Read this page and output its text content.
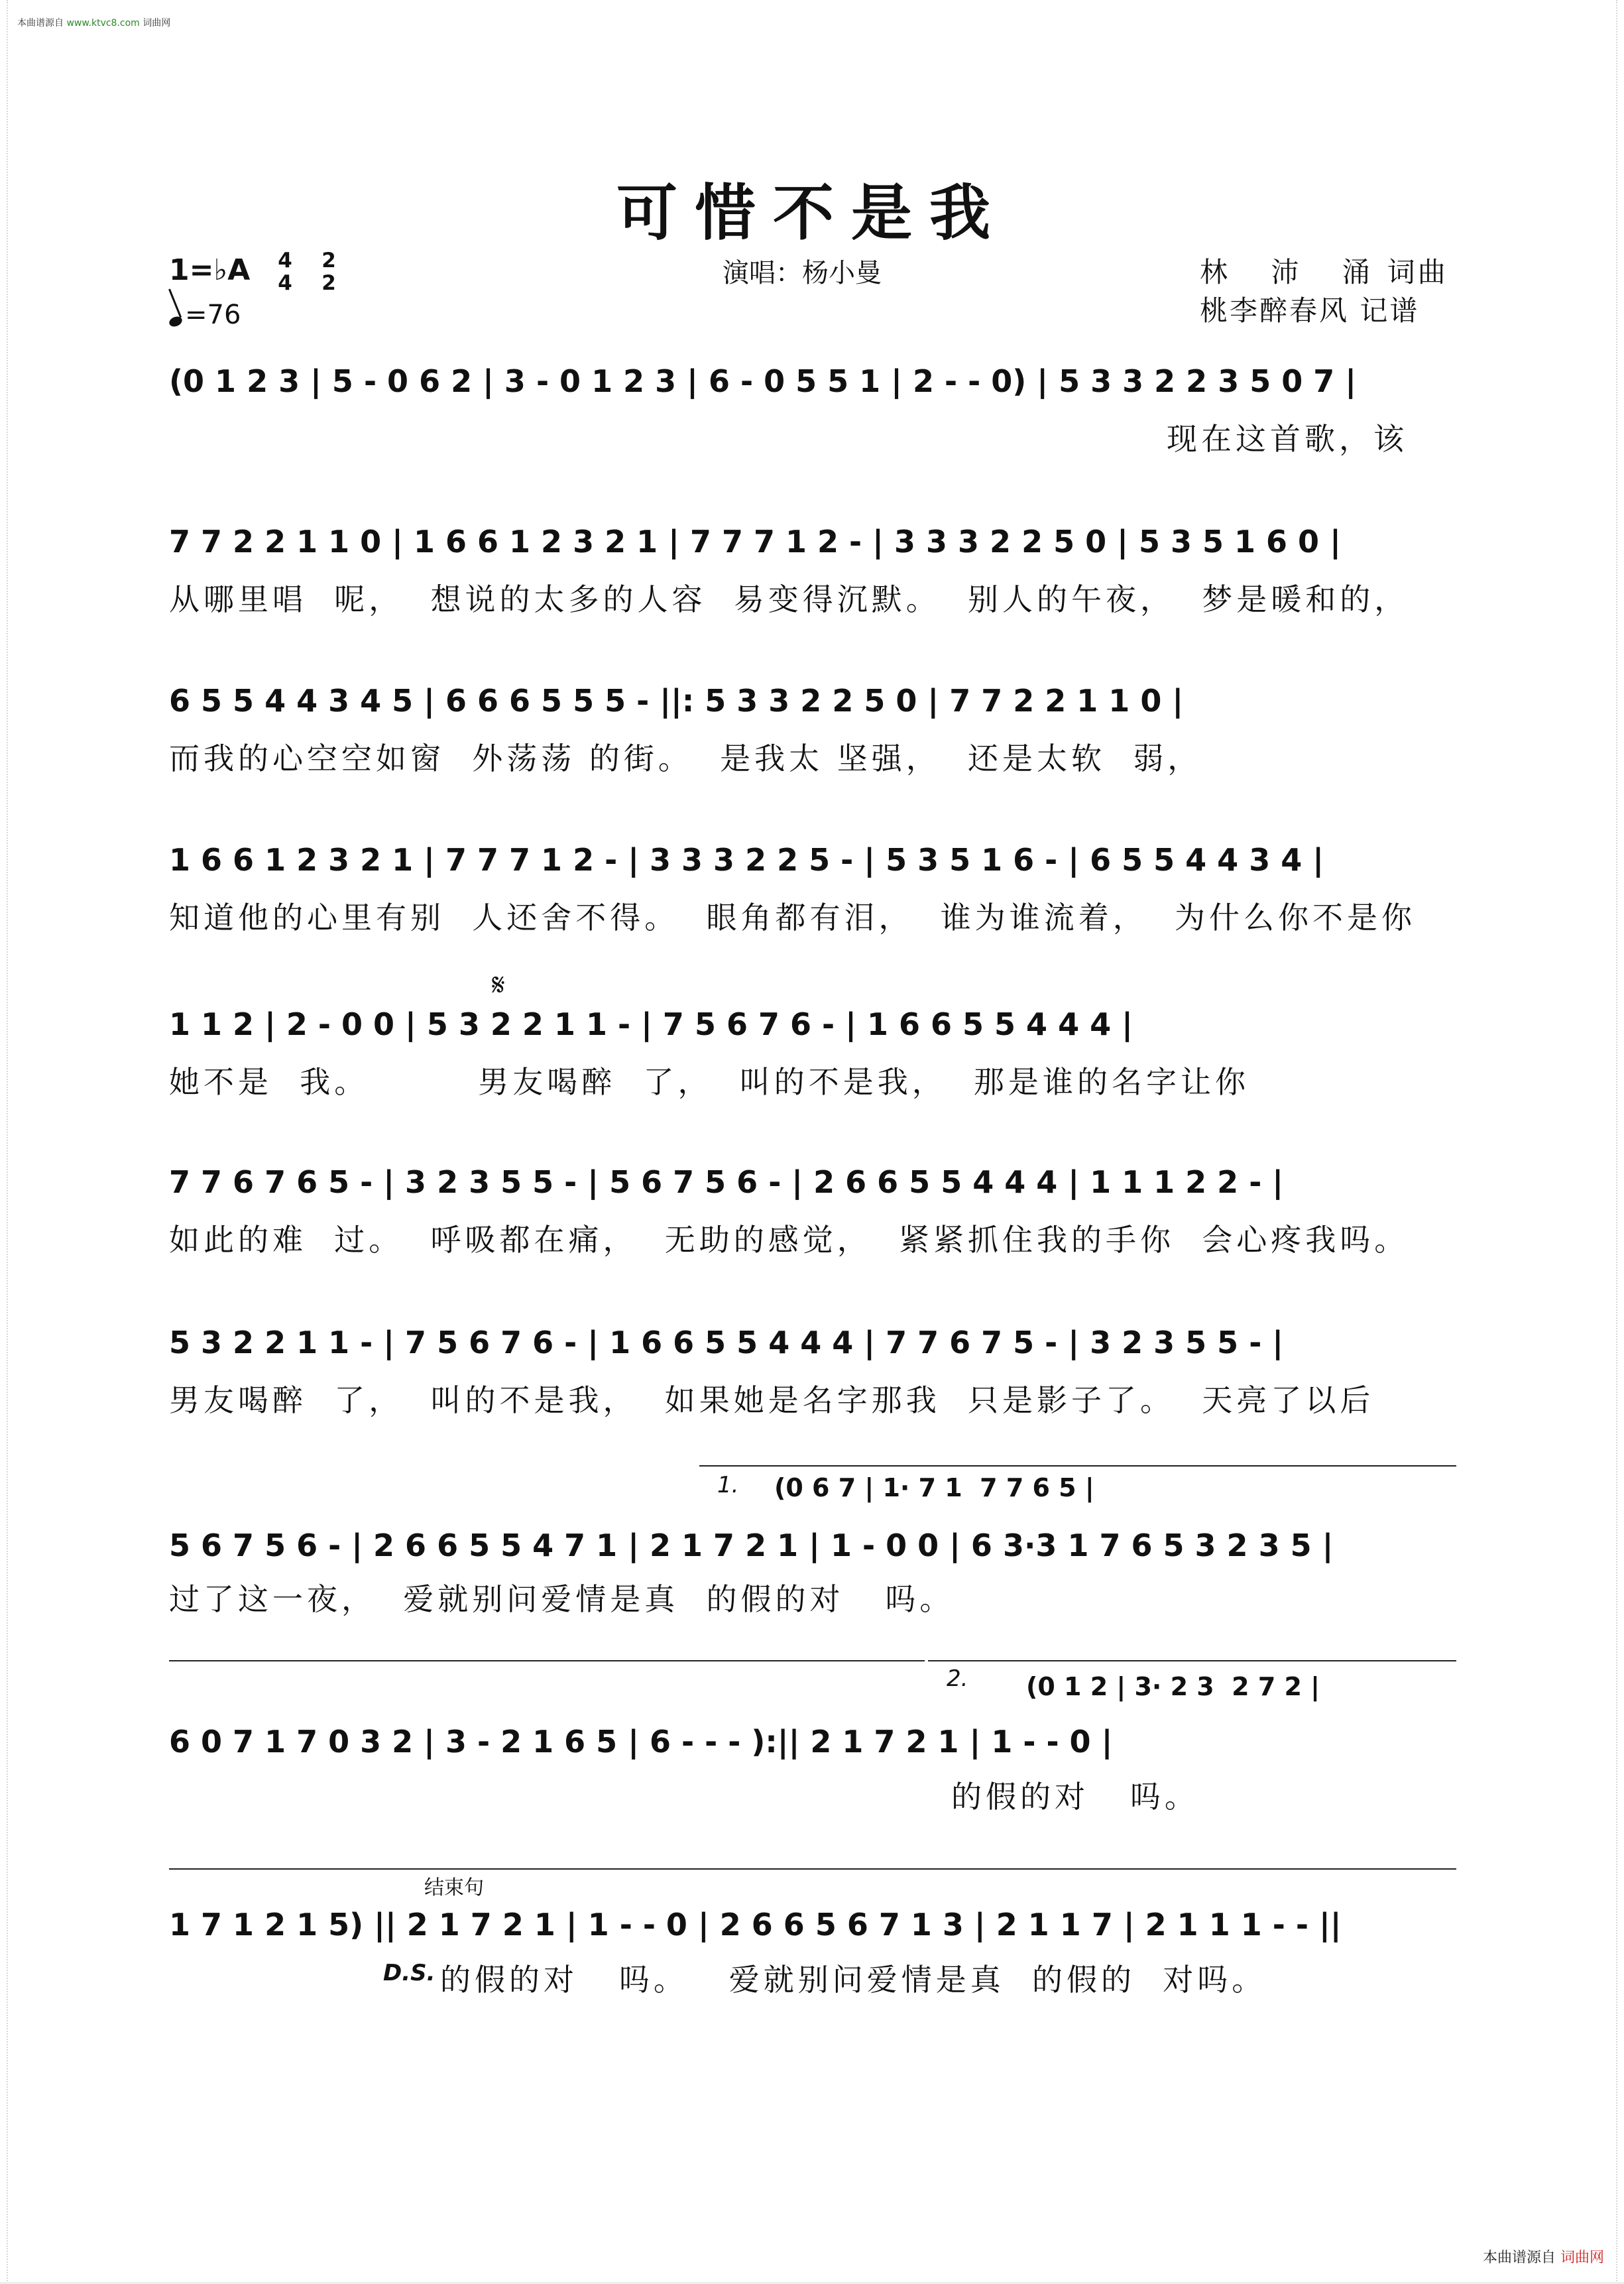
本曲谱源自 www.ktvc8.com 词曲网
可惜不是我
1=♭A 4
4
2
2
=76
演唱：杨小曼	林 沛 涌词曲
桃李醉春风 记谱
(0 1 2 3 | 5 - 0 6 2 | 3 - 0 1 2 3 | 6 - 0 5 5 1 | 2 - - 0) | 5 3 3 2 2 3 5 0 7 |
现在这首歌，该
7 7 2 2 1 1 0 | 1 6 6 1 2 3 2 1 | 7 7 7 1 2 - | 3 3 3 2 2 5 0 | 5 3 5 1 6 0 |
从哪里唱  呢，  想说的太多的人容  易变得沉默。  别人的午夜，  梦是暖和的，
6 5 5 4 4 3 4 5 | 6 6 6 5 5 5 - ||: 5 3 3 2 2 5 0 | 7 7 2 2 1 1 0 |
而我的心空空如窗  外荡荡 的街。  是我太 坚强，  还是太软  弱，
1 6 6 1 2 3 2 1 | 7 7 7 1 2 - | 3 3 3 2 2 5 - | 5 3 5 1 6 - | 6 5 5 4 4 3 4 |
知道他的心里有别  人还舍不得。  眼角都有泪，  谁为谁流着，  为什么你不是你
𝄋
1 1 2 | 2 - 0 0 | 5 3 2 2 1 1 - | 7 5 6 7 6 - | 1 6 6 5 5 4 4 4 |
她不是  我。        男友喝醉  了，  叫的不是我，  那是谁的名字让你
7 7 6 7 6 5 - | 3 2 3 5 5 - | 5 6 7 5 6 - | 2 6 6 5 5 4 4 4 | 1 1 1 2 2 - |
如此的难  过。  呼吸都在痛，  无助的感觉，  紧紧抓住我的手你  会心疼我吗。
5 3 2 2 1 1 - | 7 5 6 7 6 - | 1 6 6 5 5 4 4 4 | 7 7 6 7 5 - | 3 2 3 5 5 - |
男友喝醉  了，  叫的不是我，  如果她是名字那我  只是影子了。  天亮了以后
1. (0 6 7 | 1· 7 1  7 7 6 5 |
5 6 7 5 6 - | 2 6 6 5 5 4 7 1 | 2 1 7 2 1 | 1 - 0 0 | 6 3·3 1 7 6 5 3 2 3 5 |
过了这一夜，  爱就别问爱情是真  的假的对   吗。
2. (0 1 2 | 3· 2 3  2 7 2 |
6 0 7 1 7 0 3 2 | 3 - 2 1 6 5 | 6 - - - ):|| 2 1 7 2 1 | 1 - - 0 |
的假的对   吗。
结束句
1 7 1 2 1 5) || 2 1 7 2 1 | 1 - - 0 | 2 6 6 5 6 7 1 3 | 2 1 1 7 | 2 1 1 1 - - ||
D.S. 的假的对   吗。   爱就别问爱情是真  的假的  对吗。
本曲谱源自 词曲网
